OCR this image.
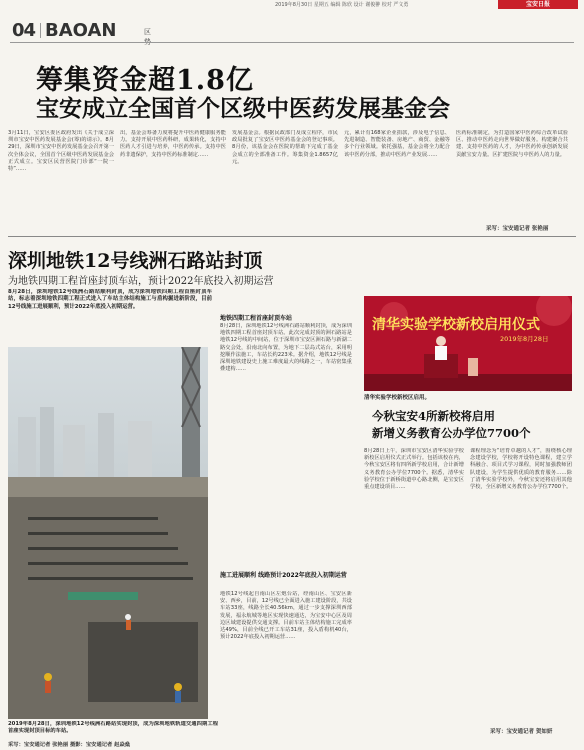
2019年8月30日 星期五 编辑 陈欣 设计 谢俊翀 校对 严文勇	宝安日报
04 BAOAN	区势
筹集资金超1.8亿
宝安成立全国首个区级中医药发展基金会
3月11日，宝安区委区政府发出《关于成立深圳市宝安中医药发展基金会(筹)的请示》。8月29日，深圳市宝安中医药发展基金会召开第一次全体会议，全国首个区级中医药发展基金会正式成立。宝安区民营医院门诊部“一院一特”……
出，基金会筹备力度将提升中医药健康服务能力。支持开展中医药科研，成果转化，支持中医药人才引进与培养，中医药传承。支持中医药非遗保护，支持中医药标准制定……
发展基金会。根据民政部门及成立程序，市民政局批复了宝安区中医药基金会的登记事项。8月份，该基金会在医院的帮助下完成了基金会成立的全部准备工作。筹集资金1.8657亿元。
元，累计有168家企业捐款，涉及电子信息、先进制造、智能装备、房地产、商贸、金融等多个行业领域。依托强基，基金会将全力配合该中医药分部，推动中医药产业发展……
医药标准制定，为打造国家中医药综合改革试验区、推动中医药走向世界做好服务。构建聚合共建、支持中医药的人才，为中医药传承创新发展贡献宝安力量。区扩建医院与中医药人的力量。
采写：宝安通记者 张艳丽
深圳地铁12号线洲石路站封顶
为地铁四期工程首座封顶车站，预计2022年底投入初期运营
8月28日，深圳地铁12号线洲石路站顺利封顶，成为深圳地铁四期工程首座封顶车站，标志着深圳地铁四期工程正式进入了车站主体结构施工与盾构掘进新阶段，目前12号线施工进展顺利，预计2022年底投入初期运营。
2019年8月28日，深圳地铁12号线洲石路站实现封顶，成为深圳地铁轨道交通四期工程首座实现封顶目标的车站。
采写：宝安通记者 张艳丽 摄影：宝安通记者 赵焱燊
地铁四期工程首座封顶车站
8月28日，深圳地铁12号线洲石路站顺利封顶，成为深圳地铁四期工程首座封顶车站。此次完成封顶的洲石路站是地铁12号线的中间站，位于深圳市宝安区洲石路与新湖二路交会处，沿南北向布置，为地下二层岛式站台，采用明挖顺作法施工，车站长约223米。据介绍，地铁12号线是深圳地铁建设史上施工难度最大的线路之一，车站密集重叠建构……
施工进展顺利 线路预计2022年底投入初期运营
地铁12号线起自南山区左炮台站，经南山区、宝安区新安、西乡，目前，12号线已全面进入施工建设阶段，共设车站33座，线路全长40.56km，通过一步支撑深圳西部发展，福永航城等地区实现快速通达，为宝安中心区及周边区域建设提供交通支撑。目前车站主体结构施工完成率达49%，目前全线已开工车站31座，投入盾构机40台，预计2022年底投入初期运营……
清华实验学校新校启用仪式
2019年8月28日
清华实验学校新校区启用。
今秋宝安4所新校将启用
新增义务教育公办学位7700个
8月28日上午，深圳市宝安区清华实验学校新校区启用仪式正式举行。包括该校在内，今秋宝安区将有四所新学校启用，合计新增义务教育公办学位7700个。据悉，清华实验学校位于新桥街道中心路北侧，是宝安区重点建设项目……
课程理念为“培育卓越的人才”，围绕核心理念建设学校，学校将开设特色课程，建立学科融合、项目式学习课程，同时加强教师团队建设，为学生提供优质的教育服务……除了清华实验学校外，今秋宝安还将启用其他学校，全区新增义务教育公办学位7700个。
采写：宝安通记者 贺如妍
